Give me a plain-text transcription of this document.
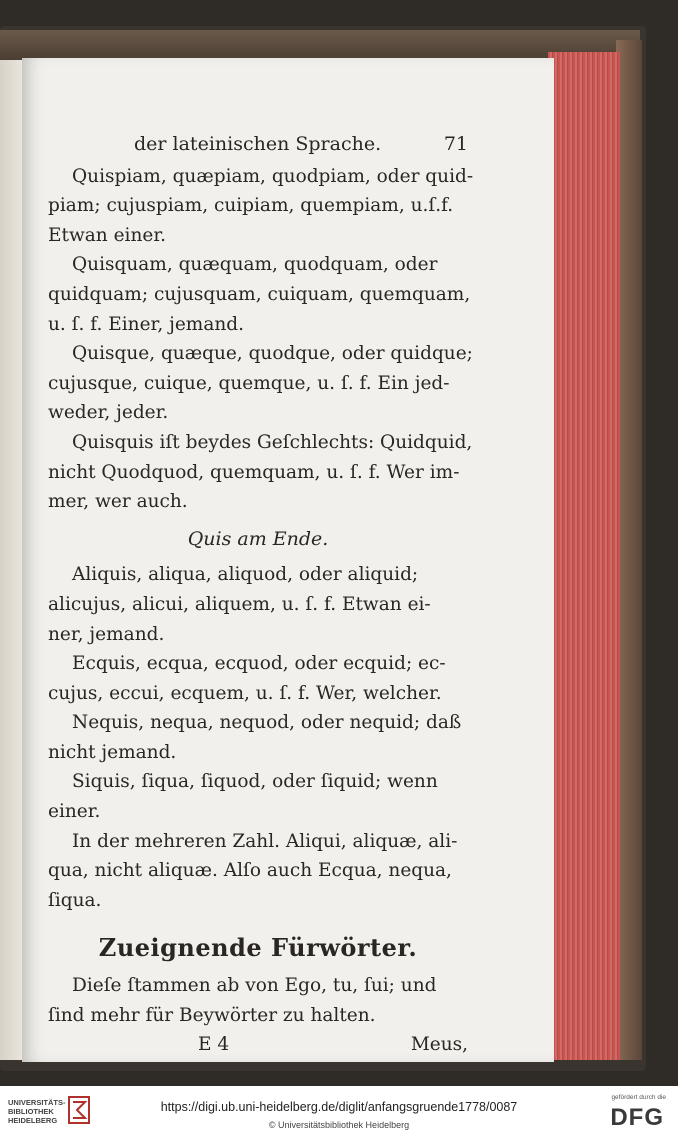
der lateinischen Sprache.	71
Quispiam, quæpiam, quodpiam, oder quid-
piam; cujuspiam, cuipiam, quempiam, u.ſ.f.
Etwan einer.
Quisquam, quæquam, quodquam, oder
quidquam; cujusquam, cuiquam, quemquam,
u. ſ. f. Einer, jemand.
Quisque, quæque, quodque, oder quidque;
cujusque, cuique, quemque, u. ſ. f. Ein jed-
weder, jeder.
Quisquis iſt beydes Geſchlechts: Quidquid,
nicht Quodquod, quemquam, u. ſ. f. Wer im-
mer, wer auch.
Quis am Ende.
Aliquis, aliqua, aliquod, oder aliquid;
alicujus, alicui, aliquem, u. ſ. f. Etwan ei-
ner, jemand.
Ecquis, ecqua, ecquod, oder ecquid; ec-
cujus, eccui, ecquem, u. ſ. f. Wer, welcher.
Nequis, nequa, nequod, oder nequid; daß
nicht jemand.
Siquis, ſiqua, ſiquod, oder ſiquid; wenn
einer.
In der mehreren Zahl. Aliqui, aliquæ, ali-
qua, nicht aliquæ. Alſo auch Ecqua, nequa,
ſiqua.
Zueignende Fürwörter.
Dieſe ſtammen ab von Ego, tu, ſui; und
ſind mehr für Beywörter zu halten.
E 4	Meus,
UNIVERSITÄTS-
BIBLIOTHEK
HEIDELBERG
https://digi.ub.uni-heidelberg.de/diglit/anfangsgruende1778/0087
© Universitätsbibliothek Heidelberg
gefördert durch die
DFG
